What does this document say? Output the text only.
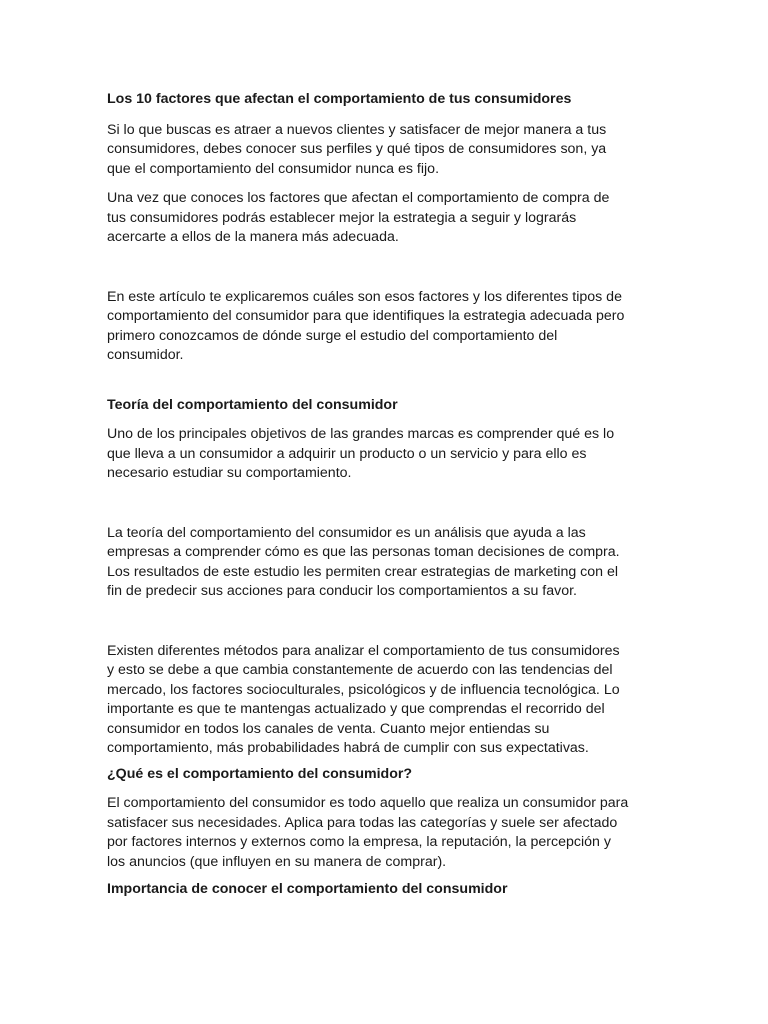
Los 10 factores que afectan el comportamiento de tus consumidores

Si lo que buscas es atraer a nuevos clientes y satisfacer de mejor manera a tus
consumidores, debes conocer sus perfiles y qué tipos de consumidores son, ya
que el comportamiento del consumidor nunca es fijo.

Una vez que conoces los factores que afectan el comportamiento de compra de
tus consumidores podrás establecer mejor la estrategia a seguir y lograrás
acercarte a ellos de la manera más adecuada.

En este artículo te explicaremos cuáles son esos factores y los diferentes tipos de
comportamiento del consumidor para que identifiques la estrategia adecuada pero
primero conozcamos de dónde surge el estudio del comportamiento del
consumidor.

Teoría del comportamiento del consumidor

Uno de los principales objetivos de las grandes marcas es comprender qué es lo
que lleva a un consumidor a adquirir un producto o un servicio y para ello es
necesario estudiar su comportamiento.

La teoría del comportamiento del consumidor es un análisis que ayuda a las
empresas a comprender cómo es que las personas toman decisiones de compra.
Los resultados de este estudio les permiten crear estrategias de marketing con el
fin de predecir sus acciones para conducir los comportamientos a su favor.

Existen diferentes métodos para analizar el comportamiento de tus consumidores
y esto se debe a que cambia constantemente de acuerdo con las tendencias del
mercado, los factores socioculturales, psicológicos y de influencia tecnológica. Lo
importante es que te mantengas actualizado y que comprendas el recorrido del
consumidor en todos los canales de venta. Cuanto mejor entiendas su
comportamiento, más probabilidades habrá de cumplir con sus expectativas.

¿Qué es el comportamiento del consumidor?

El comportamiento del consumidor es todo aquello que realiza un consumidor para
satisfacer sus necesidades. Aplica para todas las categorías y suele ser afectado
por factores internos y externos como la empresa, la reputación, la percepción y
los anuncios (que influyen en su manera de comprar).

Importancia de conocer el comportamiento del consumidor
